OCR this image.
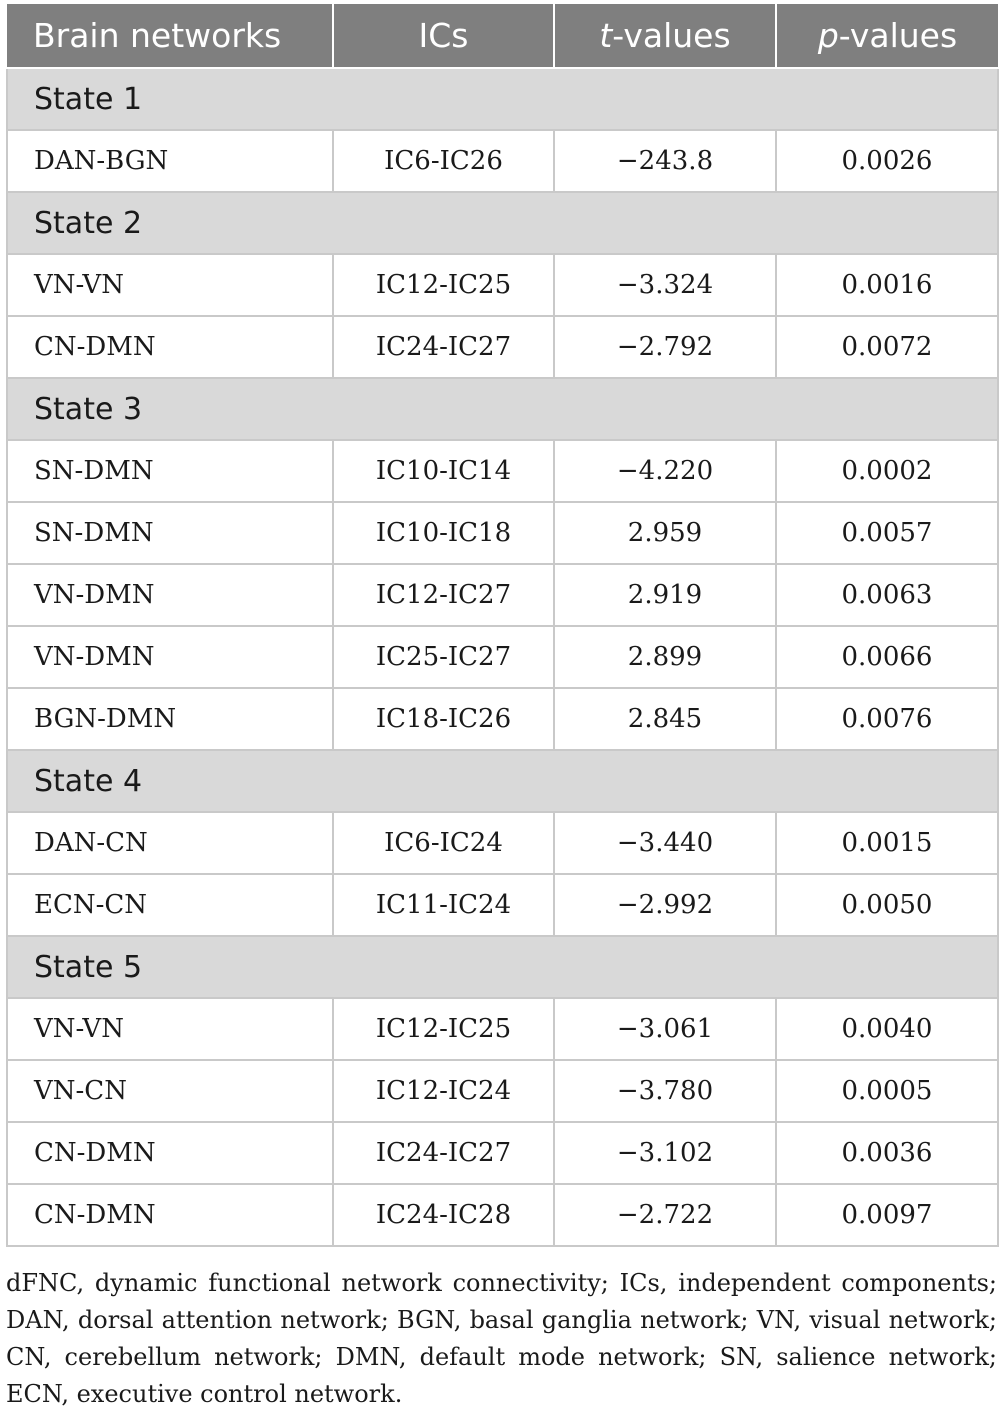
Brain networks	ICs	t-values	p-values
State 1			
DAN-BGN	IC6-IC26	−243.8	0.0026
State 2			
VN-VN	IC12-IC25	−3.324	0.0016
CN-DMN	IC24-IC27	−2.792	0.0072
State 3			
SN-DMN	IC10-IC14	−4.220	0.0002
SN-DMN	IC10-IC18	2.959	0.0057
VN-DMN	IC12-IC27	2.919	0.0063
VN-DMN	IC25-IC27	2.899	0.0066
BGN-DMN	IC18-IC26	2.845	0.0076
State 4			
DAN-CN	IC6-IC24	−3.440	0.0015
ECN-CN	IC11-IC24	−2.992	0.0050
State 5			
VN-VN	IC12-IC25	−3.061	0.0040
VN-CN	IC12-IC24	−3.780	0.0005
CN-DMN	IC24-IC27	−3.102	0.0036
CN-DMN	IC24-IC28	−2.722	0.0097
dFNC, dynamic functional network connectivity; ICs, independent components; DAN, dorsal attention network; BGN, basal ganglia network; VN, visual network; CN, cerebellum network; DMN, default mode network; SN, salience network; ECN, executive control network.
